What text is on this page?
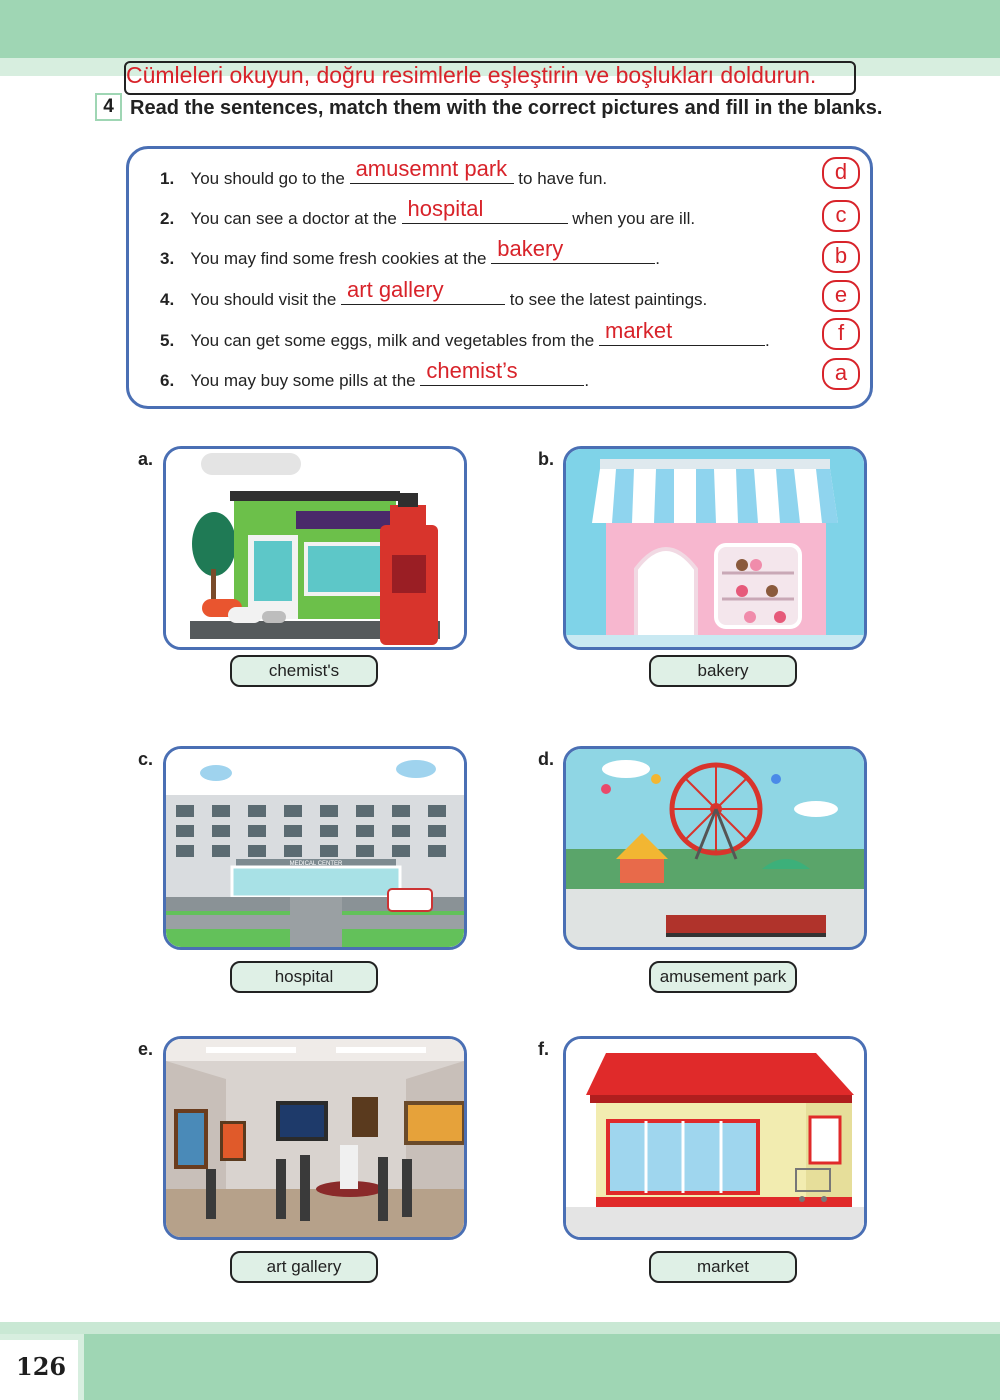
Cümleleri okuyun, doğru resimlerle eşleştirin ve boşlukları doldurun.
4 Read the sentences, match them with the correct pictures and fill in the blanks.
1. You should go to the amusemnt park to have fun.	d
2. You can see a doctor at the hospital	when you are ill.	c
3. You may find some fresh cookies at the bakery	.	b
4. You should visit the art gallery	to see the latest paintings.	e
5. You can get some eggs, milk and vegetables from the market	.	f
6. You may buy some pills at the chemist’s	.	a
a.
chemist's
b.
bakery
c.
MEDICAL CENTER
hospital
d.
amusement park
e.
art gallery
f.
market
126
